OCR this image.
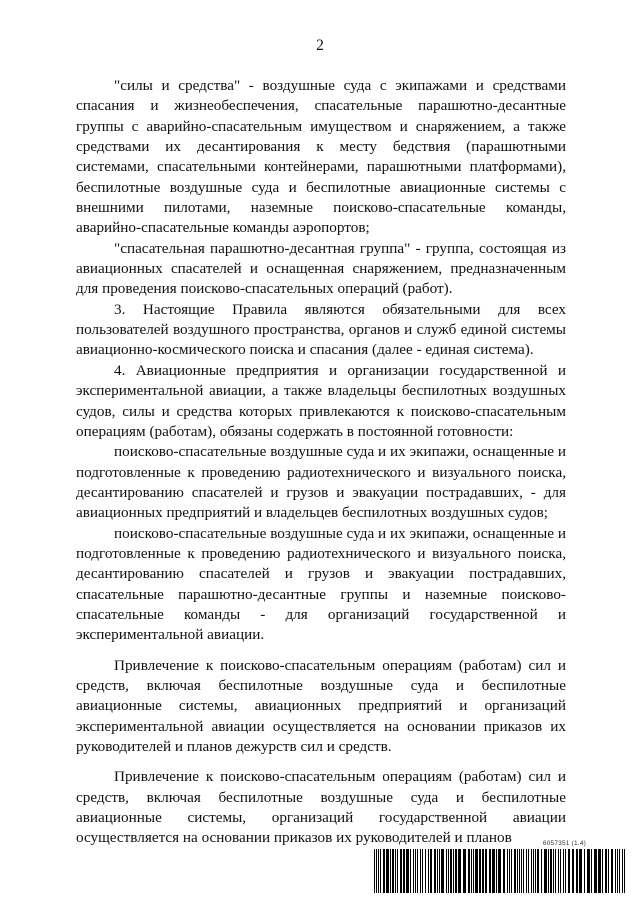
2

"силы и средства" - воздушные суда с экипажами и средствами спасания и жизнеобеспечения, спасательные парашютно-десантные группы с аварийно-спасательным имуществом и снаряжением, а также средствами их десантирования к месту бедствия (парашютными системами, спасательными контейнерами, парашютными платформами), беспилотные воздушные суда и беспилотные авиационные системы с внешними пилотами, наземные поисково-спасательные команды, аварийно-спасательные команды аэропортов;

"спасательная парашютно-десантная группа" - группа, состоящая из авиационных спасателей и оснащенная снаряжением, предназначенным для проведения поисково-спасательных операций (работ).

3. Настоящие Правила являются обязательными для всех пользователей воздушного пространства, органов и служб единой системы авиационно-космического поиска и спасания (далее - единая система).

4. Авиационные предприятия и организации государственной и экспериментальной авиации, а также владельцы беспилотных воздушных судов, силы и средства которых привлекаются к поисково-спасательным операциям (работам), обязаны содержать в постоянной готовности:

поисково-спасательные воздушные суда и их экипажи, оснащенные и подготовленные к проведению радиотехнического и визуального поиска, десантированию спасателей и грузов и эвакуации пострадавших, - для авиационных предприятий и владельцев беспилотных воздушных судов;

поисково-спасательные воздушные суда и их экипажи, оснащенные и подготовленные к проведению радиотехнического и визуального поиска, десантированию спасателей и грузов и эвакуации пострадавших, спасательные парашютно-десантные группы и наземные поисково-спасательные команды - для организаций государственной и экспериментальной авиации.

Привлечение к поисково-спасательным операциям (работам) сил и средств, включая беспилотные воздушные суда и беспилотные авиационные системы, авиационных предприятий и организаций экспериментальной авиации осуществляется на основании приказов их руководителей и планов дежурств сил и средств.

Привлечение к поисково-спасательным операциям (работам) сил и средств, включая беспилотные воздушные суда и беспилотные авиационные системы, организаций государственной авиации осуществляется на основании приказов их руководителей и планов	6057351 (1.4)
